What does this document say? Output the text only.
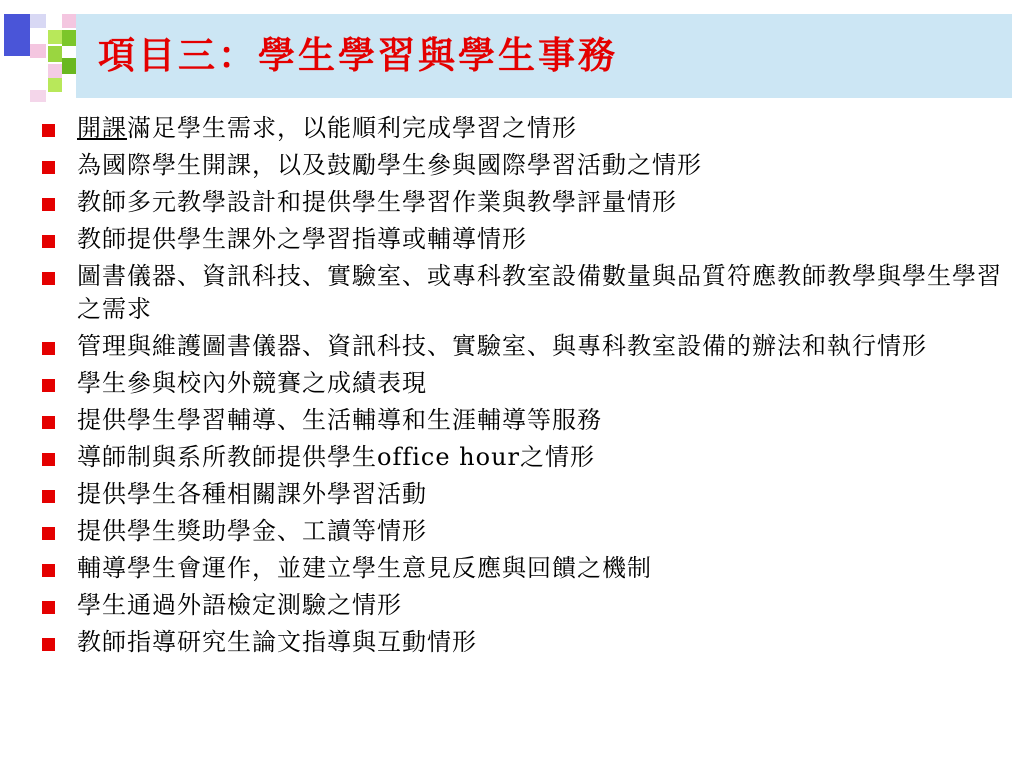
項目三：學生學習與學生事務
開課滿足學生需求，以能順利完成學習之情形
為國際學生開課，以及鼓勵學生參與國際學習活動之情形
教師多元教學設計和提供學生學習作業與教學評量情形
教師提供學生課外之學習指導或輔導情形
圖書儀器、資訊科技、實驗室、或專科教室設備數量與品質符應教師教學與學生學習之需求
管理與維護圖書儀器、資訊科技、實驗室、與專科教室設備的辦法和執行情形
學生參與校內外競賽之成績表現
提供學生學習輔導、生活輔導和生涯輔導等服務
導師制與系所教師提供學生office hour之情形
提供學生各種相關課外學習活動
提供學生獎助學金、工讀等情形
輔導學生會運作，並建立學生意見反應與回饋之機制
學生通過外語檢定測驗之情形
教師指導研究生論文指導與互動情形
